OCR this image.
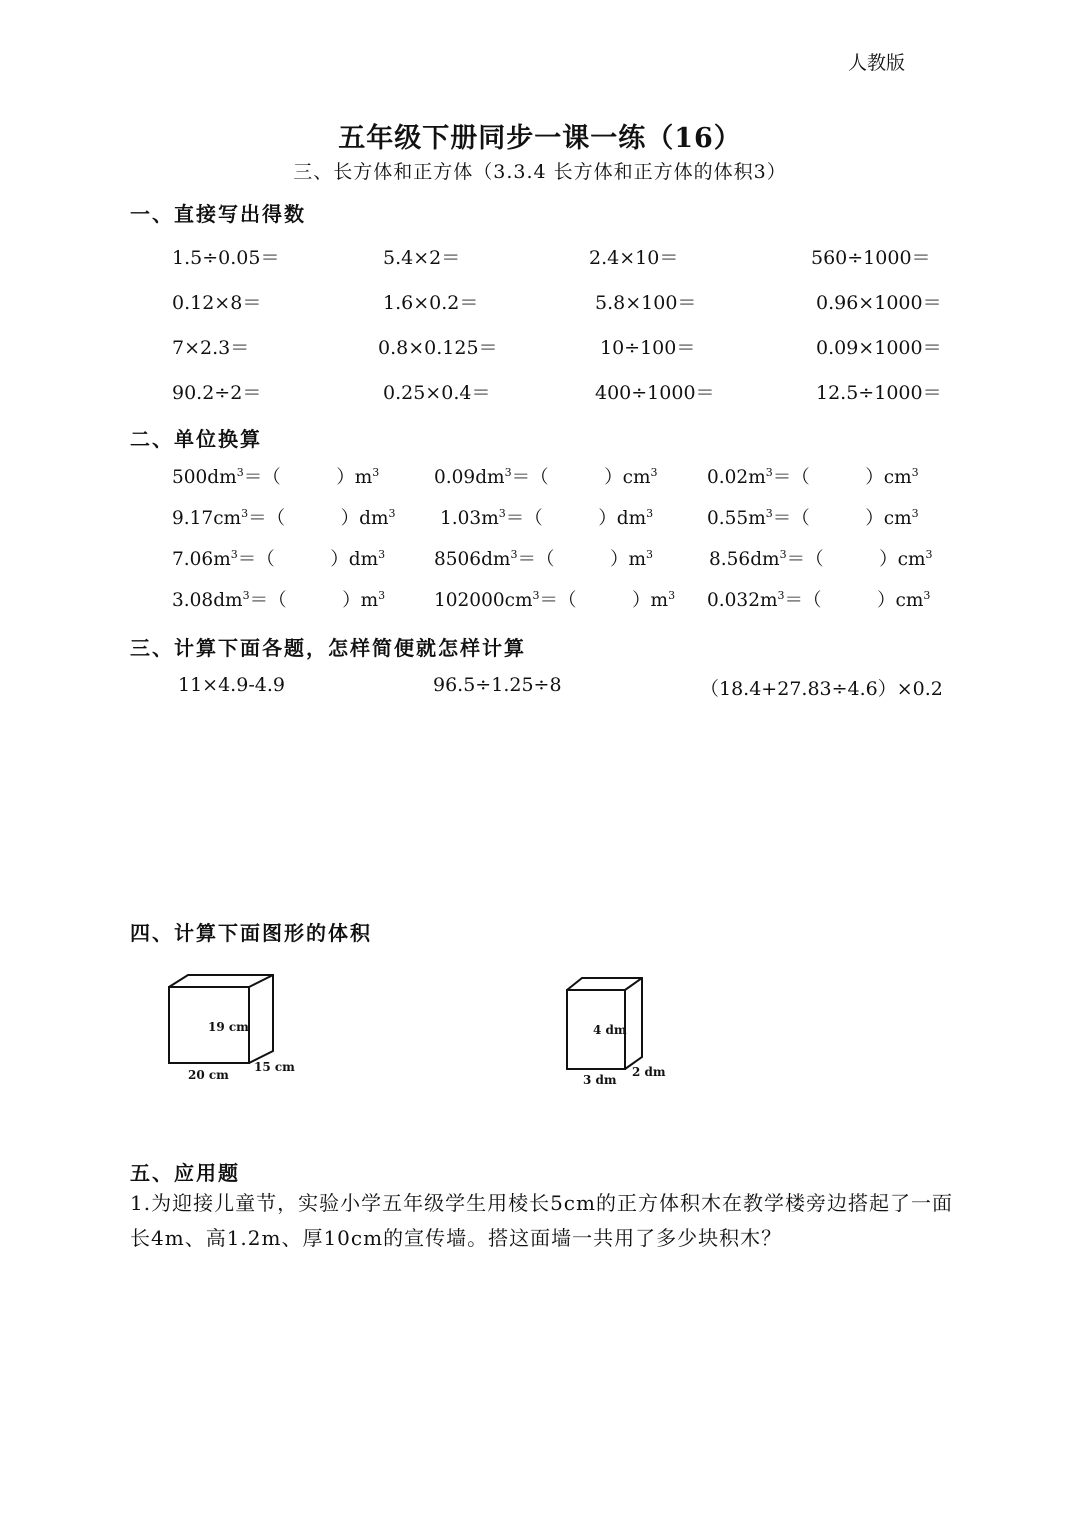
人教版
五年级下册同步一课一练（16）
三、长方体和正方体（3.3.4 长方体和正方体的体积3）
一、直接写出得数
1.5÷0.05＝	5.4×2＝	2.4×10＝	560÷1000＝
0.12×8＝	1.6×0.2＝	5.8×100＝	0.96×1000＝
7×2.3＝	0.8×0.125＝	10÷100＝	0.09×1000＝
90.2÷2＝	0.25×0.4＝	400÷1000＝	12.5÷1000＝
二、单位换算
$500dm^3=$（　　　）$m^3$	$0.09dm^3=$（　　　）$cm^3$	$0.02m^3=$（　　　）$cm^3$
$9.17cm^3=$（　　　）$dm^3$ $1.03m^3=$（　　　）$dm^3$	$0.55m^3=$（　　　）$cm^3$
$7.06m^3=$（　　　）$dm^3$	$8506dm^3=$（　　　）$m^3$	$8.56dm^3=$（　　　）$cm^3$
$3.08dm^3=$（　　　）$m^3$	$102000cm^3=$（　　　）$m^3$ $0.032m^3=$（　　　）$cm^3$
三、计算下面各题，怎样简便就怎样计算
11×4.9-4.9	96.5÷1.25÷8	（18.4+27.83÷4.6）×0.2
四、计算下面图形的体积
19 cm
20 cm
15 cm
4 dm
3 dm
2 dm
五、应用题
1.为迎接儿童节，实验小学五年级学生用棱长5cm的正方体积木在教学楼旁边搭起了一面长4m、高1.2m、厚10cm的宣传墙。搭这面墙一共用了多少块积木？
